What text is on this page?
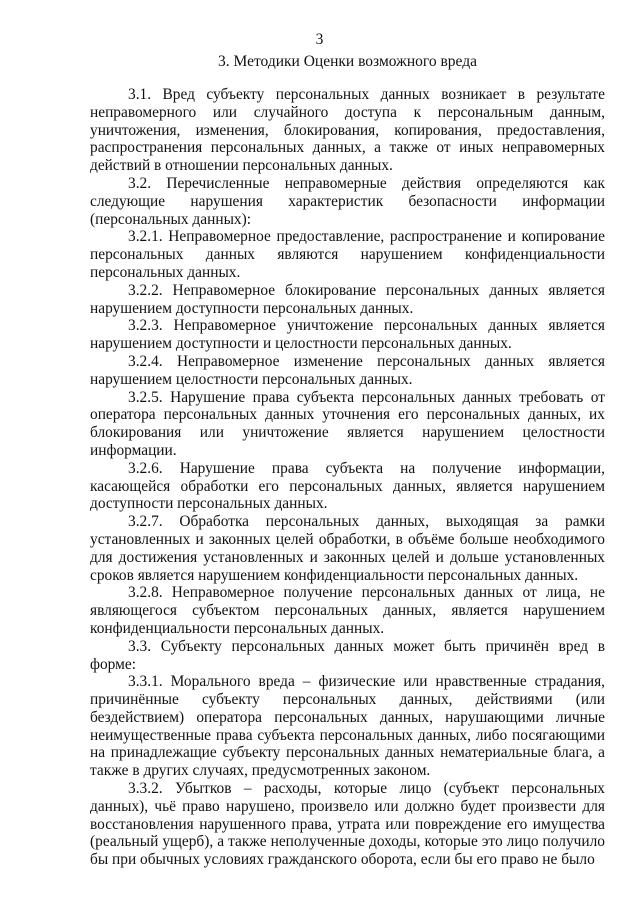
3
3. Методики Оценки возможного вреда

3.1. Вред субъекту персональных данных возникает в результате неправомерного или случайного доступа к персональным данным, уничтожения, изменения, блокирования, копирования, предоставления, распространения персональных данных, а также от иных неправомерных действий в отношении персональных данных.

3.2. Перечисленные неправомерные действия определяются как следующие нарушения характеристик безопасности информации (персональных данных):

3.2.1. Неправомерное предоставление, распространение и копирование персональных данных являются нарушением конфиденциальности персональных данных.

3.2.2. Неправомерное блокирование персональных данных является нарушением доступности персональных данных.

3.2.3. Неправомерное уничтожение персональных данных является нарушением доступности и целостности персональных данных.

3.2.4. Неправомерное изменение персональных данных является нарушением целостности персональных данных.

3.2.5. Нарушение права субъекта персональных данных требовать от оператора персональных данных уточнения его персональных данных, их блокирования или уничтожение является нарушением целостности информации.

3.2.6. Нарушение права субъекта на получение информации, касающейся обработки его персональных данных, является нарушением доступности персональных данных.

3.2.7. Обработка персональных данных, выходящая за рамки установленных и законных целей обработки, в объёме больше необходимого для достижения установленных и законных целей и дольше установленных сроков является нарушением конфиденциальности персональных данных.

3.2.8. Неправомерное получение персональных данных от лица, не являющегося субъектом персональных данных, является нарушением конфиденциальности персональных данных.

3.3. Субъекту персональных данных может быть причинён вред в форме:

3.3.1. Морального вреда – физические или нравственные страдания, причинённые субъекту персональных данных, действиями (или бездействием) оператора персональных данных, нарушающими личные неимущественные права субъекта персональных данных, либо посягающими на принадлежащие субъекту персональных данных нематериальные блага, а также в других случаях, предусмотренных законом.

3.3.2. Убытков – расходы, которые лицо (субъект персональных данных), чьё право нарушено, произвело или должно будет произвести для восстановления нарушенного права, утрата или повреждение его имущества (реальный ущерб), а также неполученные доходы, которые это лицо получило бы при обычных условиях гражданского оборота, если бы его право не было
